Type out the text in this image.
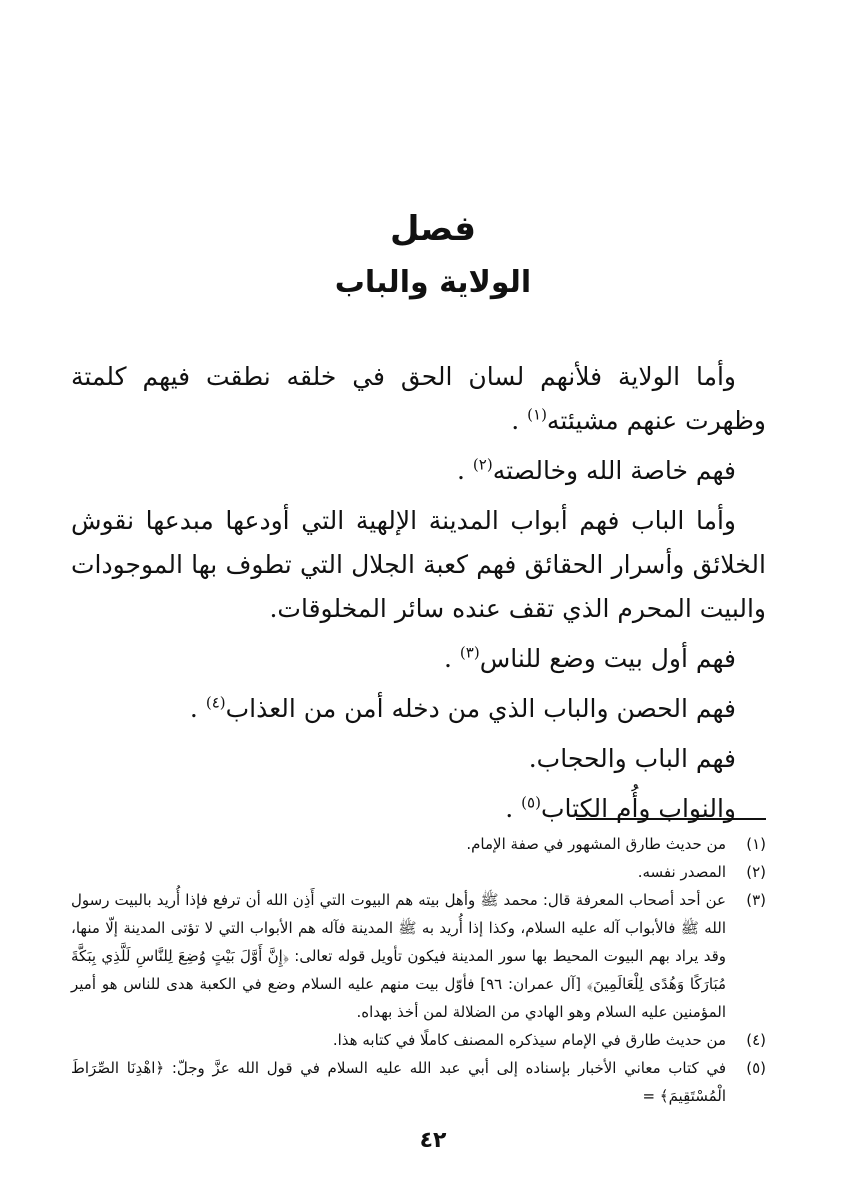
فصل
الولاية والباب

وأما الولاية فلأنهم لسان الحق في خلقه نطقت فيهم كلمتة وظهرت عنهم مشيئته$^{(١)}$ .

فهم خاصة الله وخالصته$^{(٢)}$ .

وأما الباب فهم أبواب المدينة الإلهية التي أودعها مبدعها نقوش الخلائق وأسرار الحقائق فهم كعبة الجلال التي تطوف بها الموجودات والبيت المحرم الذي تقف عنده سائر المخلوقات.

فهم أول بيت وضع للناس$^{(٣)}$ .

فهم الحصن والباب الذي من دخله أمن من العذاب$^{(٤)}$ .

فهم الباب والحجاب.

والنواب وأُم الكتاب$^{(٥)}$ .

(١)
من حديث طارق المشهور في صفة الإمام.
(٢)
المصدر نفسه.
(٣)
عن أحد أصحاب المعرفة قال: محمد ﷺ وأهل بيته هم البيوت التي أَذِن الله أن ترفع فإذا أُريد بالبيت رسول الله ﷺ فالأبواب آله عليه السلام، وكذا إذا أُريد به ﷺ المدينة فآله هم الأبواب التي لا تؤتى المدينة إلّا منها، وقد يراد بهم البيوت المحيط بها سور المدينة فيكون تأويل قوله تعالى: ﴿إِنَّ أَوَّلَ بَيْتٍ وُضِعَ لِلنَّاسِ لَلَّذِي بِبَكَّةَ مُبَارَكًا وَهُدًى لِلْعَالَمِينَ﴾ [آل عمران: ٩٦] فأوّل بيت منهم عليه السلام وضع في الكعبة هدى للناس هو أمير المؤمنين عليه السلام وهو الهادي من الضلالة لمن أخذ بهداه.
(٤)
من حديث طارق في الإمام سيذكره المصنف كاملًا في كتابه هذا.
(٥)
في كتاب معاني الأخبار بإسناده إلى أبي عبد الله عليه السلام في قول الله عزَّ وجلّ: ﴿اهْدِنَا الصِّرَاطَ الْمُسْتَقِيمَ﴾ =
٤٢
